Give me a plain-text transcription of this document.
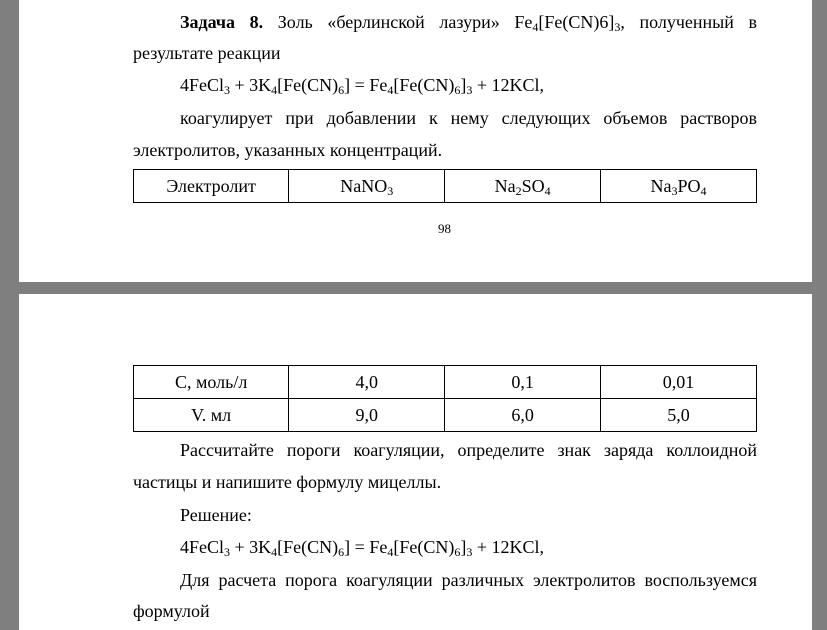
Задача 8. Золь «берлинской лазури» $Fe_4[Fe(CN)6]_3$, полученный в
результате реакции
4FeCl$_3$ + $3K_4[Fe(CN)_6] = Fe_4[Fe(CN)_6]_3 + 12KCl$,
коагулирует при добавлении к нему следующих объемов растворов
электролитов, указанных концентраций.
Электролит	NaNO$_3$	$Na_2SO_4$	$Na_3PO_4$
98
C, моль/л	4,0	0,1	0,01
V. мл	9,0	6,0	5,0
Рассчитайте пороги коагуляции, определите знак заряда коллоидной
частицы и напишите формулу мицеллы.
Решение:
4FeCl$_3$ + $3K_4[Fe(CN)_6] = Fe_4[Fe(CN)_6]_3 + 12KCl$,
Для расчета порога коагуляции различных электролитов воспользуемся
формулой
